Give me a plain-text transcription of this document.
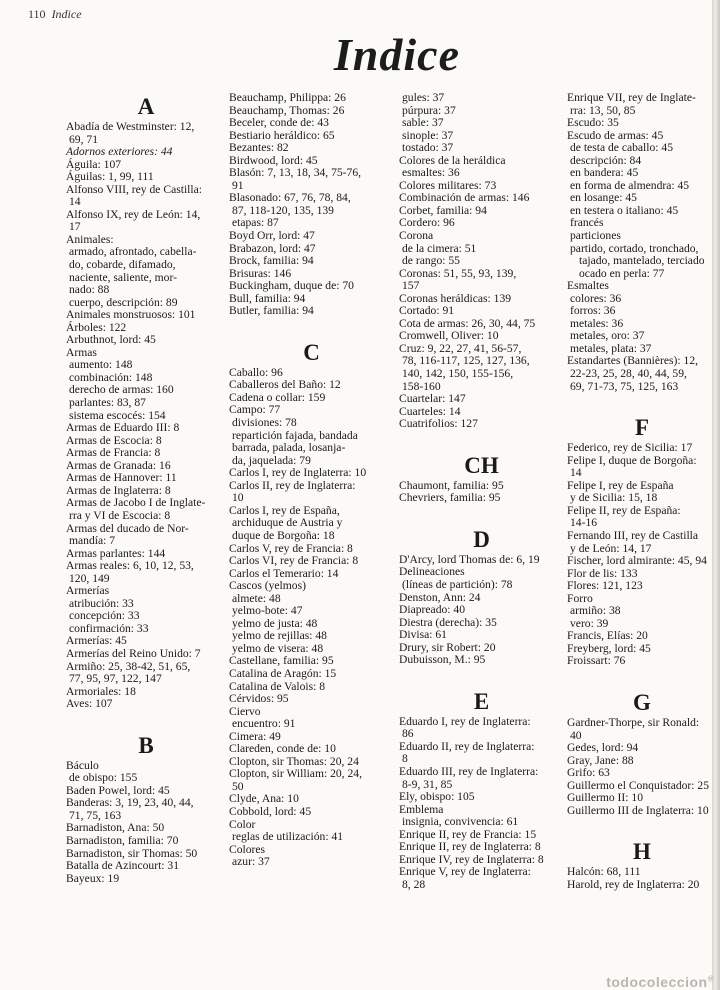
110 Indice
Indice
A
Abadía de Westminster: 12,
69, 71
Adornos exteriores: 44
Águila: 107
Águilas: 1, 99, 111
Alfonso VIII, rey de Castilla:
14
Alfonso IX, rey de León: 14,
17
Animales:
armado, afrontado, cabella-
do, cobarde, difamado,
naciente, saliente, mor-
nado: 88
cuerpo, descripción: 89
Animales monstruosos: 101
Árboles: 122
Arbuthnot, lord: 45
Armas
aumento: 148
combinación: 148
derecho de armas: 160
parlantes: 83, 87
sistema escocés: 154
Armas de Eduardo III: 8
Armas de Escocia: 8
Armas de Francia: 8
Armas de Granada: 16
Armas de Hannover: 11
Armas de Inglaterra: 8
Armas de Jacobo I de Inglate-
rra y VI de Escocia: 8
Armas del ducado de Nor-
mandía: 7
Armas parlantes: 144
Armas reales: 6, 10, 12, 53,
120, 149
Armerías
atribución: 33
concepción: 33
confirmación: 33
Armerías: 45
Armerías del Reino Unido: 7
Armiño: 25, 38-42, 51, 65,
77, 95, 97, 122, 147
Armoriales: 18
Aves: 107
B
Báculo
de obispo: 155
Baden Powel, lord: 45
Banderas: 3, 19, 23, 40, 44,
71, 75, 163
Barnadiston, Ana: 50
Barnadiston, familia: 70
Barnadiston, sir Thomas: 50
Batalla de Azincourt: 31
Bayeux: 19
Beauchamp, Philippa: 26
Beauchamp, Thomas: 26
Beceler, conde de: 43
Bestiario heráldico: 65
Bezantes: 82
Birdwood, lord: 45
Blasón: 7, 13, 18, 34, 75-76,
91
Blasonado: 67, 76, 78, 84,
87, 118-120, 135, 139
etapas: 87
Boyd Orr, lord: 47
Brabazon, lord: 47
Brock, familia: 94
Brisuras: 146
Buckingham, duque de: 70
Bull, familia: 94
Butler, familia: 94
C
Caballo: 96
Caballeros del Baño: 12
Cadena o collar: 159
Campo: 77
divisiones: 78
repartición fajada, bandada
barrada, palada, losanja-
da, jaquelada: 79
Carlos I, rey de Inglaterra: 10
Carlos II, rey de Inglaterra:
10
Carlos I, rey de España,
archiduque de Austria y
duque de Borgoña: 18
Carlos V, rey de Francia: 8
Carlos VI, rey de Francia: 8
Carlos el Temerario: 14
Cascos (yelmos)
almete: 48
yelmo-bote: 47
yelmo de justa: 48
yelmo de rejillas: 48
yelmo de visera: 48
Castellane, familia: 95
Catalina de Aragón: 15
Catalina de Valois: 8
Cérvidos: 95
Ciervo
encuentro: 91
Cimera: 49
Clareden, conde de: 10
Clopton, sir Thomas: 20, 24
Clopton, sir William: 20, 24,
50
Clyde, Ana: 10
Cobbold, lord: 45
Color
reglas de utilización: 41
Colores
azur: 37
gules: 37
púrpura: 37
sable: 37
sinople: 37
tostado: 37
Colores de la heráldica
esmaltes: 36
Colores militares: 73
Combinación de armas: 146
Corbet, familia: 94
Cordero: 96
Corona
de la cimera: 51
de rango: 55
Coronas: 51, 55, 93, 139,
157
Coronas heráldicas: 139
Cortado: 91
Cota de armas: 26, 30, 44, 75
Cromwell, Oliver: 10
Cruz: 9, 22, 27, 41, 56-57,
78, 116-117, 125, 127, 136,
140, 142, 150, 155-156,
158-160
Cuartelar: 147
Cuarteles: 14
Cuatrifolios: 127
CH
Chaumont, familia: 95
Chevriers, familia: 95
D
D'Arcy, lord Thomas de: 6, 19
Delineaciones
(líneas de partición): 78
Denston, Ann: 24
Diapreado: 40
Diestra (derecha): 35
Divisa: 61
Drury, sir Robert: 20
Dubuisson, M.: 95
E
Eduardo I, rey de Inglaterra:
86
Eduardo II, rey de Inglaterra:
8
Eduardo III, rey de Inglaterra:
8-9, 31, 85
Ely, obispo: 105
Emblema
insignia, convivencia: 61
Enrique II, rey de Francia: 15
Enrique II, rey de Inglaterra: 8
Enrique IV, rey de Inglaterra: 8
Enrique V, rey de Inglaterra:
8, 28
Enrique VII, rey de Inglate-
rra: 13, 50, 85
Escudo: 35
Escudo de armas: 45
de testa de caballo: 45
descripción: 84
en bandera: 45
en forma de almendra: 45
en losange: 45
en testera o italiano: 45
francés
particiones
partido, cortado, tronchado,
tajado, mantelado, terciado
ocado en perla: 77
Esmaltes
colores: 36
forros: 36
metales: 36
metales, oro: 37
metales, plata: 37
Estandartes (Bannières): 12,
22-23, 25, 28, 40, 44, 59,
69, 71-73, 75, 125, 163
F
Federico, rey de Sicilia: 17
Felipe I, duque de Borgoña:
14
Felipe I, rey de España
y de Sicilia: 15, 18
Felipe II, rey de España:
14-16
Fernando III, rey de Castilla
y de León: 14, 17
Fischer, lord almirante: 45, 94
Flor de lis: 133
Flores: 121, 123
Forro
armiño: 38
vero: 39
Francis, Elías: 20
Freyberg, lord: 45
Froissart: 76
G
Gardner-Thorpe, sir Ronald:
40
Gedes, lord: 94
Gray, Jane: 88
Grifo: 63
Guillermo el Conquistador: 25
Guillermo II: 10
Guillermo III de Inglaterra: 10
H
Halcón: 68, 111
Harold, rey de Inglaterra: 20
todocoleccion®
